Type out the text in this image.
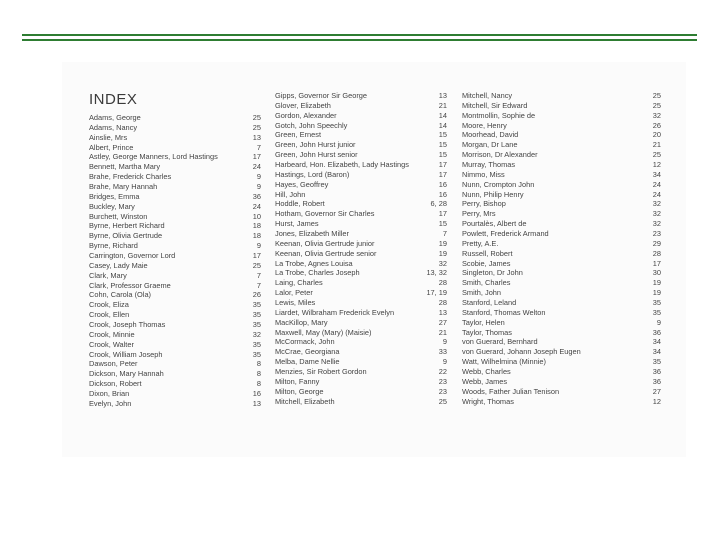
INDEX
Adams, George	25
Adams, Nancy	25
Ainslie, Mrs	13
Albert, Prince	7
Astley, George Manners, Lord Hastings	17
Bennett, Martha Mary	24
Brahe, Frederick Charles	9
Brahe, Mary Hannah	9
Bridges, Emma	36
Buckley, Mary	24
Burchett, Winston	10
Byrne, Herbert Richard	18
Byrne, Olivia Gertrude	18
Byrne, Richard	9
Carrington, Governor Lord	17
Casey, Lady Maie	25
Clark, Mary	7
Clark, Professor Graeme	7
Cohn, Carola (Ola)	26
Crook, Eliza	35
Crook, Ellen	35
Crook, Joseph Thomas	35
Crook, Minnie	32
Crook, Walter	35
Crook, William Joseph	35
Dawson, Peter	8
Dickson, Mary Hannah	8
Dickson, Robert	8
Dixon, Brian	16
Evelyn, John	13
Gipps, Governor Sir George	13
Glover, Elizabeth	21
Gordon, Alexander	14
Gotch, John Speechly	14
Green, Ernest	15
Green, John Hurst junior	15
Green, John Hurst senior	15
Harbeard, Hon. Elizabeth, Lady Hastings	17
Hastings, Lord (Baron)	17
Hayes, Geoffrey	16
Hill, John	16
Hoddle, Robert	6, 28
Hotham, Governor Sir Charles	17
Hurst, James	15
Jones, Elizabeth Miller	7
Keenan, Olivia Gertrude junior	19
Keenan, Olivia Gertrude senior	19
La Trobe, Agnes Louisa	32
La Trobe, Charles Joseph	13, 32
Laing, Charles	28
Lalor, Peter	17, 19
Lewis, Miles	28
Liardet, Wilbraham Frederick Evelyn	13
MacKillop, Mary	27
Maxwell, May (Mary) (Maisie)	21
McCormack, John	9
McCrae, Georgiana	33
Melba, Dame Nellie	9
Menzies, Sir Robert Gordon	22
Milton, Fanny	23
Milton, George	23
Mitchell, Elizabeth	25
Mitchell, Nancy	25
Mitchell, Sir Edward	25
Montmollin, Sophie de	32
Moore, Henry	26
Moorhead, David	20
Morgan, Dr Lane	21
Morrison, Dr Alexander	25
Murray, Thomas	12
Nimmo, Miss	34
Nunn, Crompton John	24
Nunn, Philip Henry	24
Perry, Bishop	32
Perry, Mrs	32
Pourtalès, Albert de	32
Powlett, Frederick Armand	23
Pretty, A.E.	29
Russell, Robert	28
Scobie, James	17
Singleton, Dr John	30
Smith, Charles	19
Smith, John	19
Stanford, Leland	35
Stanford, Thomas Welton	35
Taylor, Helen	9
Taylor, Thomas	36
von Guerard, Bernhard	34
von Guerard, Johann Joseph Eugen	34
Watt, Wilhelmina (Minnie)	35
Webb, Charles	36
Webb, James	36
Woods, Father Julian Tenison	27
Wright, Thomas	12
